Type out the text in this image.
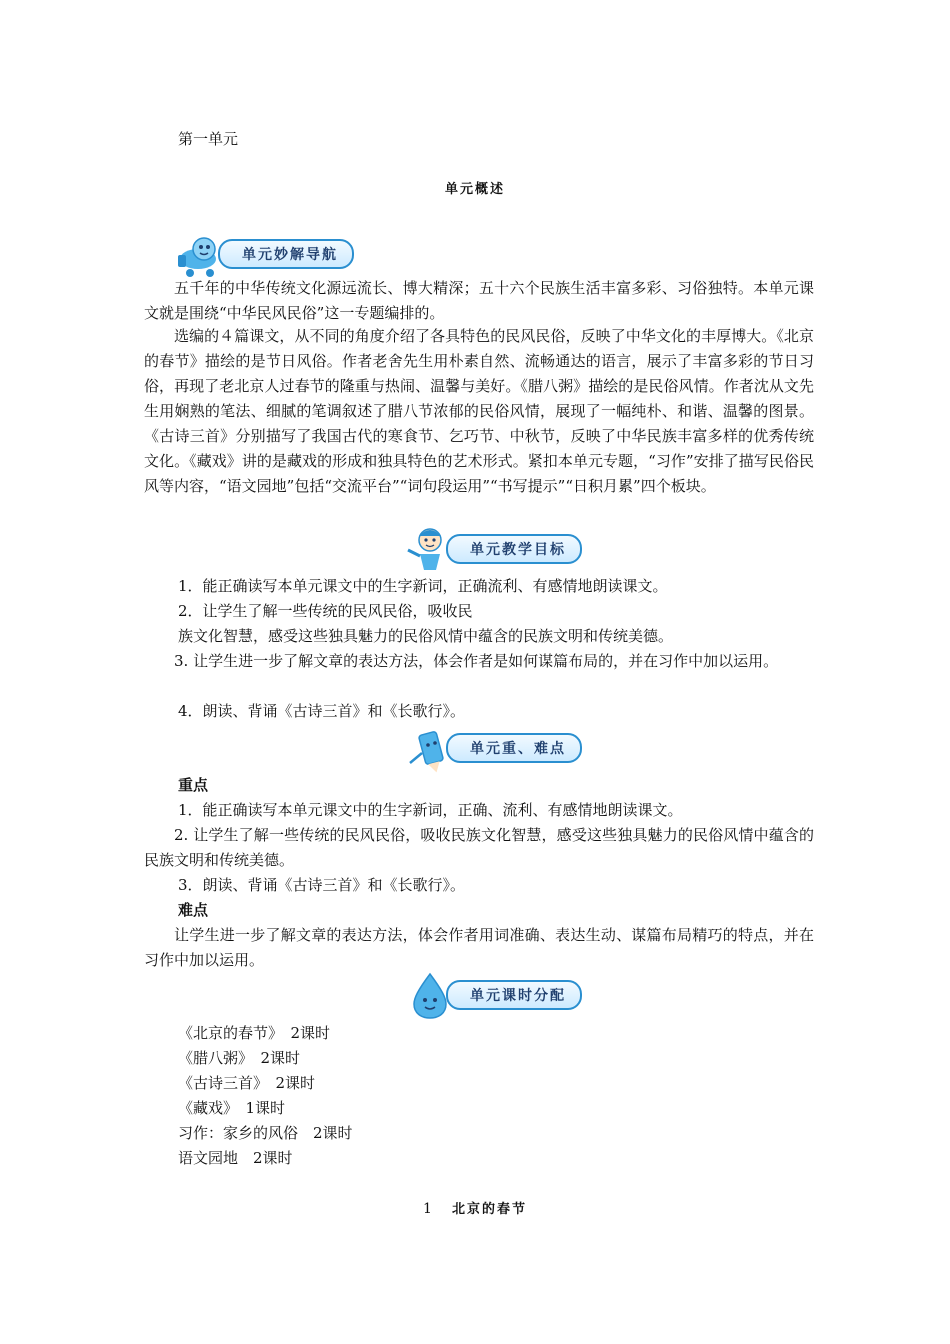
第一单元
单元概述
单元妙解导航

五千年的中华传统文化源远流长、博大精深；五十六个民族生活丰富多彩、习俗独特。本单元课文就是围绕“中华民风民俗”这一专题编排的。

选编的４篇课文，从不同的角度介绍了各具特色的民风民俗，反映了中华文化的丰厚博大。《北京的春节》描绘的是节日风俗。作者老舍先生用朴素自然、流畅通达的语言，展示了丰富多彩的节日习俗，再现了老北京人过春节的隆重与热闹、温馨与美好。《腊八粥》描绘的是民俗风情。作者沈从文先生用娴熟的笔法、细腻的笔调叙述了腊八节浓郁的民俗风情，展现了一幅纯朴、和谐、温馨的图景。《古诗三首》分别描写了我国古代的寒食节、乞巧节、中秋节，反映了中华民族丰富多样的优秀传统文化。《藏戏》讲的是藏戏的形成和独具特色的艺术形式。紧扣本单元专题，“习作”安排了描写民俗民风等内容，“语文园地”包括“交流平台”“词句段运用”“书写提示”“日积月累”四个板块。

单元教学目标
1．能正确读写本单元课文中的生字新词，正确流利、有感情地朗读课文。
2．让学生了解一些传统的民风民俗，吸收民
族文化智慧，感受这些独具魅力的民俗风情中蕴含的民族文明和传统美德。

3. 让学生进一步了解文章的表达方法，体会作者是如何谋篇布局的，并在习作中加以运用。

4．朗读、背诵《古诗三首》和《长歌行》。
单元重、难点
重点
1．能正确读写本单元课文中的生字新词，正确、流利、有感情地朗读课文。

2. 让学生了解一些传统的民风民俗，吸收民族文化智慧，感受这些独具魅力的民俗风情中蕴含的民族文明和传统美德。

3．朗读、背诵《古诗三首》和《长歌行》。
难点

让学生进一步了解文章的表达方法，体会作者用词准确、表达生动、谋篇布局精巧的特点，并在习作中加以运用。

单元课时分配
《北京的春节》　2课时
《腊八粥》　2课时
《古诗三首》　2课时
《藏戏》　1课时
习作：家乡的风俗　2课时
语文园地　2课时
1 北京的春节
